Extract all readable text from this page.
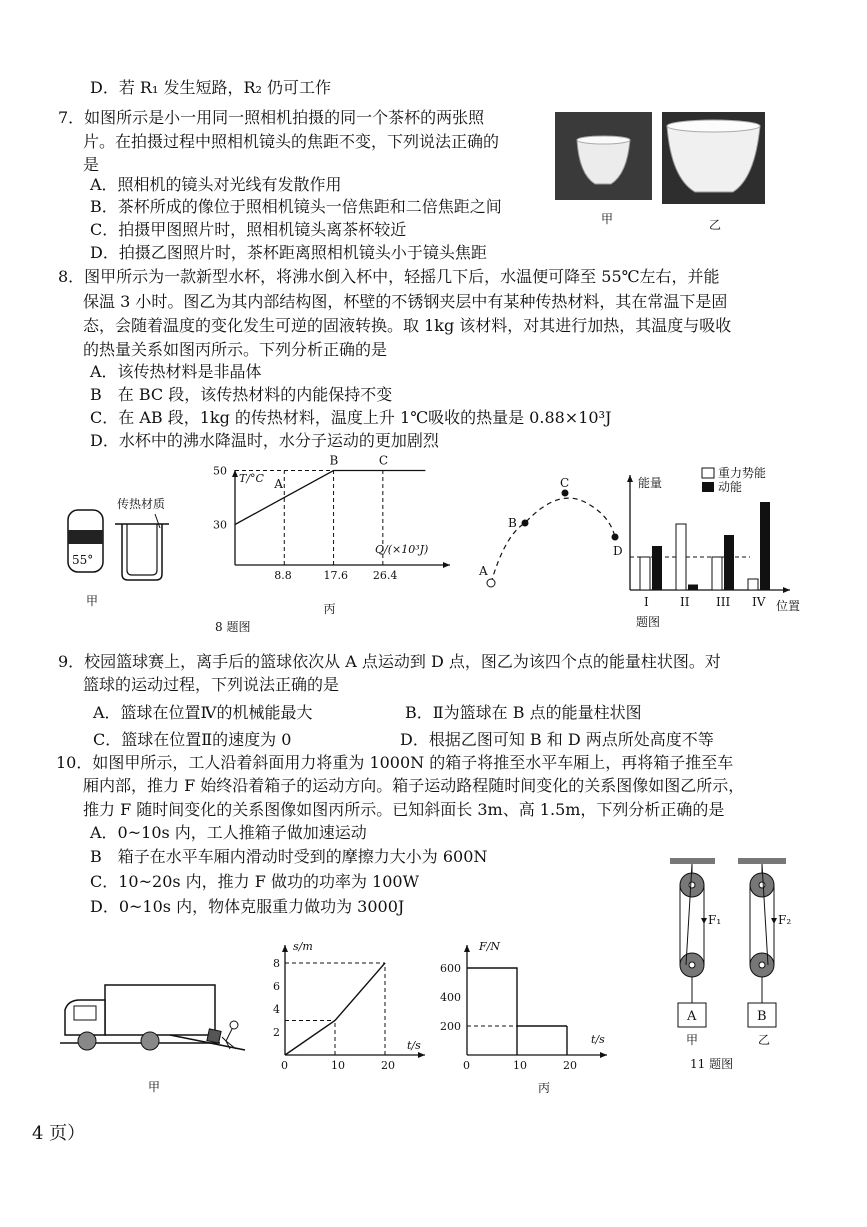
D．若 R₁ 发生短路，R₂ 仍可工作
7．如图所示是小一用同一照相机拍摄的同一个茶杯的两张照
片。在拍摄过程中照相机镜头的焦距不变，下列说法正确的
是
A．照相机的镜头对光线有发散作用
B．茶杯所成的像位于照相机镜头一倍焦距和二倍焦距之间
C．拍摄甲图照片时，照相机镜头离茶杯较近
D．拍摄乙图照片时，茶杯距离照相机镜头小于镜头焦距
甲	乙
8．图甲所示为一款新型水杯，将沸水倒入杯中，轻摇几下后，水温便可降至 55℃左右，并能
保温 3 小时。图乙为其内部结构图，杯壁的不锈钢夹层中有某种传热材料，其在常温下是固
态，会随着温度的变化发生可逆的固液转换。取 1kg 该材料，对其进行加热，其温度与吸收
的热量关系如图丙所示。下列分析正确的是
A．该传热材料是非晶体
B　在 BC 段，该传热材料的内能保持不变
C．在 AB 段，1kg 的传热材料，温度上升 1℃吸收的热量是 0.88×10³J
D．水杯中的沸水降温时，水分子运动的更加剧烈
55°
传热材质
甲
T/°C
Q/(×10³J)
50
30
8.8	17.6 26.4
A
B	C
丙
8 题图
A
B
C
D
能量
重力势能
动能
I	II III IV 位置
题图
9．校园篮球赛上，离手后的篮球依次从 A 点运动到 D 点，图乙为该四个点的能量柱状图。对
篮球的运动过程，下列说法正确的是
A．篮球在位置Ⅳ的机械能最大	B．Ⅱ为篮球在 B 点的能量柱状图
C．篮球在位置Ⅱ的速度为 0	D．根据乙图可知 B 和 D 两点所处高度不等
10．如图甲所示，工人沿着斜面用力将重为 1000N 的箱子将推至水平车厢上，再将箱子推至车
厢内部，推力 F 始终沿着箱子的运动方向。箱子运动路程随时间变化的关系图像如图乙所示，
推力 F 随时间变化的关系图像如图丙所示。已知斜面长 3m、高 1.5m，下列分析正确的是
A．0~10s 内，工人推箱子做加速运动
B　箱子在水平车厢内滑动时受到的摩擦力大小为 600N
C．10~20s 内，推力 F 做功的功率为 100W
D．0~10s 内，物体克服重力做功为 3000J
甲
s/m
t/s
8
6
4
2
0	10	20
F/N
t/s
600
400
200
0	10	20
丙
F₁
A
F₂
B
甲	乙
11 题图
4 页）
